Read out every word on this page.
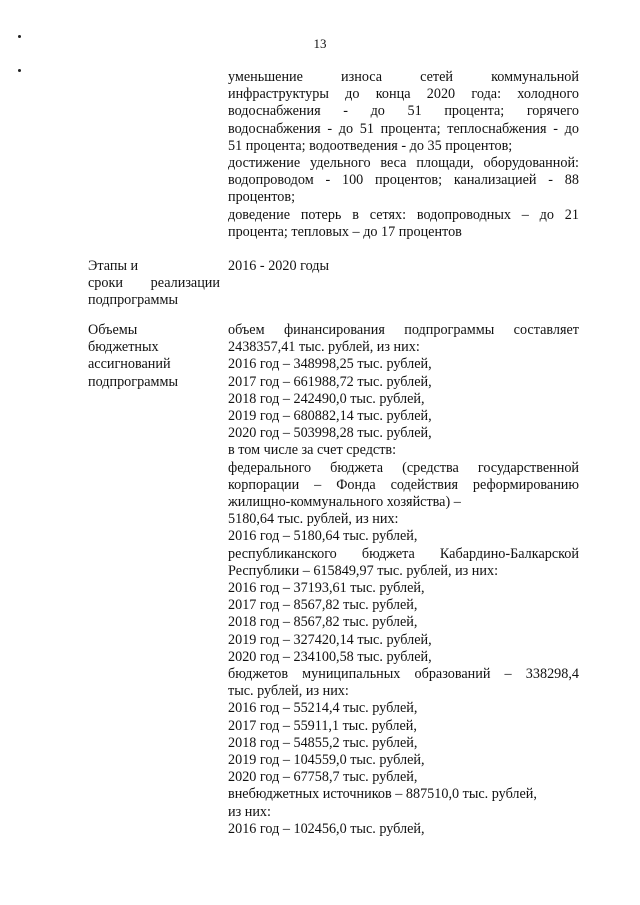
13
уменьшение износа сетей коммунальной
инфраструктуры до конца 2020 года: холодного
водоснабжения - до 51 процента; горячего
водоснабжения - до 51 процента; теплоснабжения - до
51 процента; водоотведения - до 35 процентов;
достижение удельного веса площади, оборудованной:
водопроводом - 100 процентов; канализацией - 88
процентов;
доведение потерь в сетях: водопроводных – до 21
процента; тепловых – до 17 процентов
Этапы и
сроки реализации
подпрограммы
2016 - 2020 годы
Объемы
бюджетных
ассигнований
подпрограммы
объем финансирования подпрограммы составляет
2438357,41 тыс. рублей, из них:
2016 год – 348998,25 тыс. рублей,
2017 год – 661988,72 тыс. рублей,
2018 год – 242490,0 тыс. рублей,
2019 год – 680882,14 тыс. рублей,
2020 год – 503998,28 тыс. рублей,
в том числе за счет средств:
федерального бюджета (средства государственной
корпорации – Фонда содействия реформированию
жилищно-коммунального хозяйства) –
5180,64 тыс. рублей, из них:
2016 год – 5180,64 тыс. рублей,
республиканского бюджета Кабардино-Балкарской
Республики – 615849,97 тыс. рублей, из них:
2016 год – 37193,61 тыс. рублей,
2017 год – 8567,82 тыс. рублей,
2018 год – 8567,82 тыс. рублей,
2019 год – 327420,14 тыс. рублей,
2020 год – 234100,58 тыс. рублей,
бюджетов муниципальных образований – 338298,4
тыс. рублей, из них:
2016 год – 55214,4 тыс. рублей,
2017 год – 55911,1 тыс. рублей,
2018 год – 54855,2 тыс. рублей,
2019 год – 104559,0 тыс. рублей,
2020 год – 67758,7 тыс. рублей,
внебюджетных источников – 887510,0 тыс. рублей,
из них:
2016 год – 102456,0 тыс. рублей,
